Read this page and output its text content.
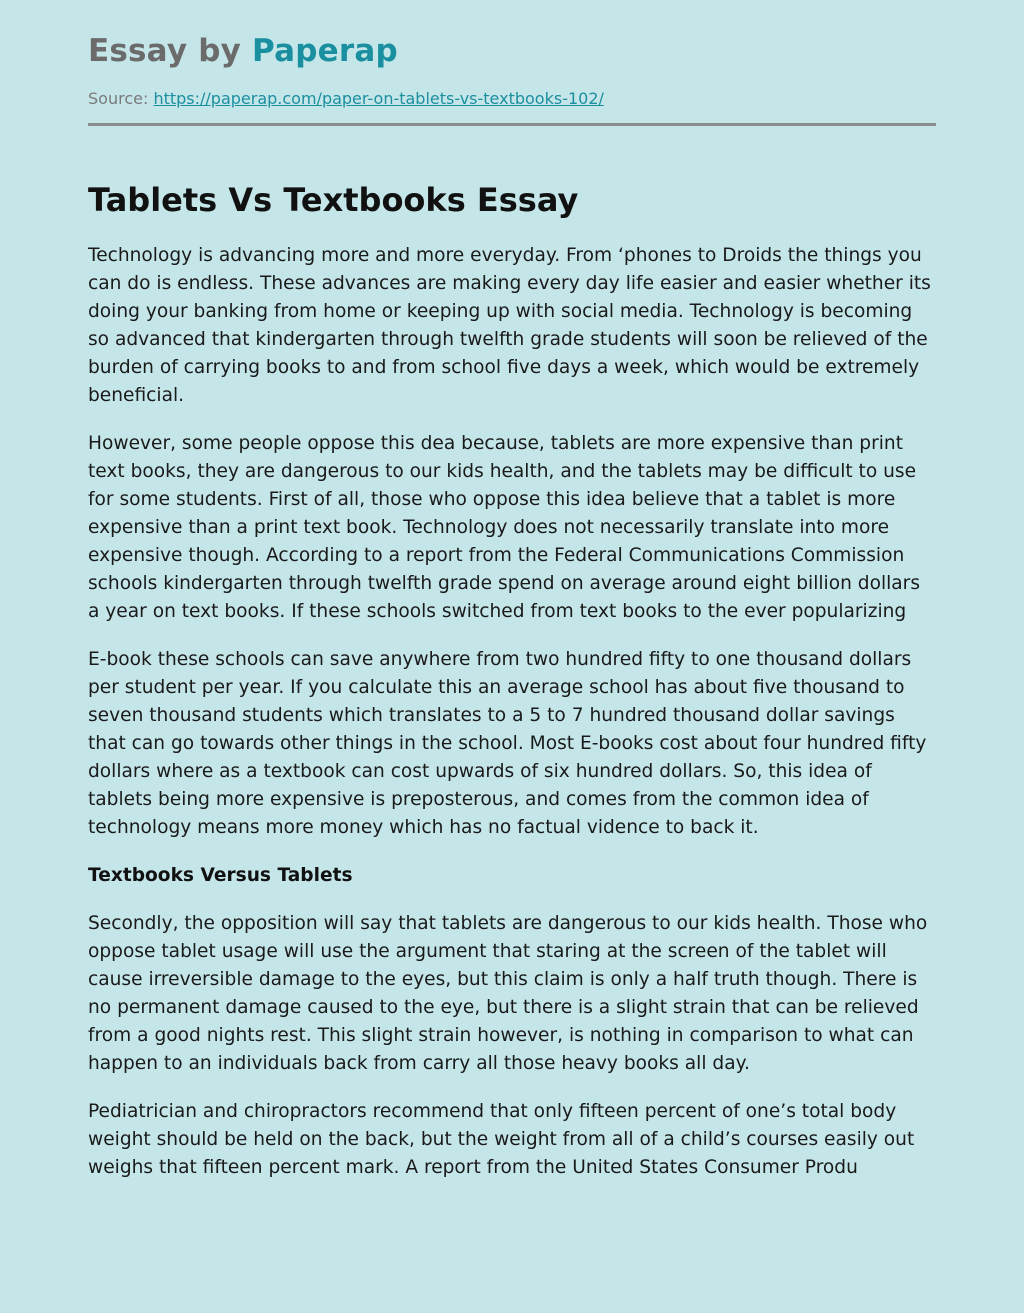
Essay by Paperap
Source: https://paperap.com/paper-on-tablets-vs-textbooks-102/
Tablets Vs Textbooks Essay

Technology is advancing more and more everyday. From ‘phones to Droids the things you can do is endless. These advances are making every day life easier and easier whether its doing your banking from home or keeping up with social media. Technology is becoming so advanced that kindergarten through twelfth grade students will soon be relieved of the burden of carrying books to and from school five days a week, which would be extremely beneficial.

However, some people oppose this dea because, tablets are more expensive than print text books, they are dangerous to our kids health, and the tablets may be difficult to use for some students. First of all, those who oppose this idea believe that a tablet is more expensive than a print text book. Technology does not necessarily translate into more expensive though. According to a report from the Federal Communications Commission schools kindergarten through twelfth grade spend on average around eight billion dollars a year on text books. If these schools switched from text books to the ever popularizing

E-book these schools can save anywhere from two hundred fifty to one thousand dollars per student per year. If you calculate this an average school has about five thousand to seven thousand students which translates to a 5 to 7 hundred thousand dollar savings that can go towards other things in the school. Most E-books cost about four hundred fifty dollars where as a textbook can cost upwards of six hundred dollars. So, this idea of tablets being more expensive is preposterous, and comes from the common idea of technology means more money which has no factual vidence to back it.

Textbooks Versus Tablets

Secondly, the opposition will say that tablets are dangerous to our kids health. Those who oppose tablet usage will use the argument that staring at the screen of the tablet will cause irreversible damage to the eyes, but this claim is only a half truth though. There is no permanent damage caused to the eye, but there is a slight strain that can be relieved from a good nights rest. This slight strain however, is nothing in comparison to what can happen to an individuals back from carry all those heavy books all day.

Pediatrician and chiropractors recommend that only fifteen percent of one’s total body weight should be held on the back, but the weight from all of a child’s courses easily out weighs that fifteen percent mark. A report from the United States Consumer Produ
